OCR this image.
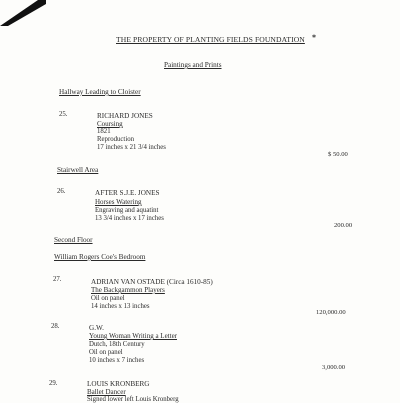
THE PROPERTY OF PLANTING FIELDS FOUNDATION *
Paintings and Prints
Hallway Leading to Cloister
25.	RICHARD JONES
Coursing
1821
Reproduction
17 inches x 21 3/4 inches
$ 50.00
Stairwell Area
26.	AFTER S.J.E. JONES
Horses Watering
Engraving and aquatint
13 3/4 inches x 17 inches
200.00
Second Floor
William Rogers Coe's Bedroom
27.	ADRIAN VAN OSTADE (Circa 1610-85)
The Backgammon Players
Oil on panel
14 inches x 13 inches
120,000.00
28.	G.W.
Young Woman Writing a Letter
Dutch, 18th Century
Oil on panel
10 inches x 7 inches
3,000.00
29.	LOUIS KRONBERG
Ballet Dancer
Signed lower left Louis Kronberg
